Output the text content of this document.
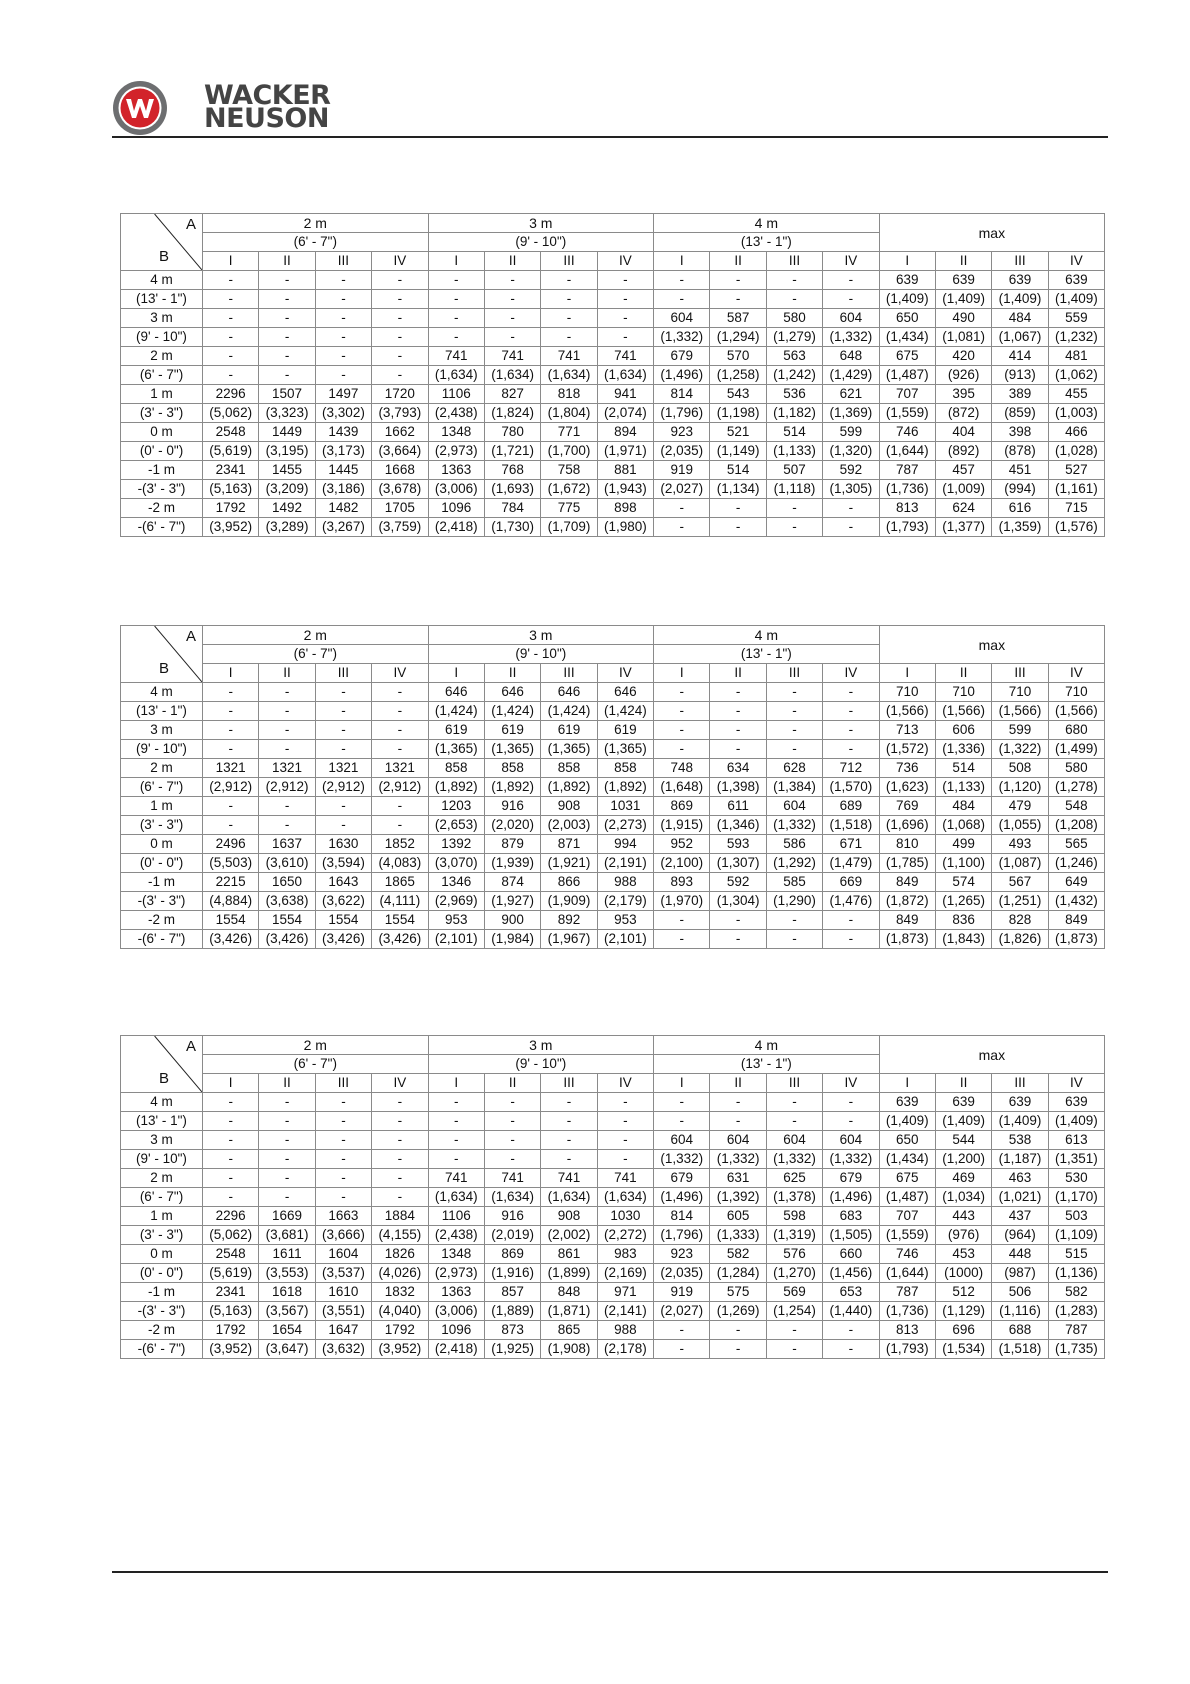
WACKER
NEUSON
A
B	2 m				3 m				4 m				max			
	(6' - 7")				(9' - 10")				(13' - 1")							
	I	II	III	IV	I	II	III	IV	I	II	III	IV	I	II	III	IV
4 m	-	-	-	-	-	-	-	-	-	-	-	-	639	639	639	639
(13' - 1")	-	-	-	-	-	-	-	-	-	-	-	-	(1,409)	(1,409)	(1,409)	(1,409)
3 m	-	-	-	-	-	-	-	-	604	587	580	604	650	490	484	559
(9' - 10")	-	-	-	-	-	-	-	-	(1,332)	(1,294)	(1,279)	(1,332)	(1,434)	(1,081)	(1,067)	(1,232)
2 m	-	-	-	-	741	741	741	741	679	570	563	648	675	420	414	481
(6' - 7")	-	-	-	-	(1,634)	(1,634)	(1,634)	(1,634)	(1,496)	(1,258)	(1,242)	(1,429)	(1,487)	(926)	(913)	(1,062)
1 m	2296	1507	1497	1720	1106	827	818	941	814	543	536	621	707	395	389	455
(3' - 3")	(5,062)	(3,323)	(3,302)	(3,793)	(2,438)	(1,824)	(1,804)	(2,074)	(1,796)	(1,198)	(1,182)	(1,369)	(1,559)	(872)	(859)	(1,003)
0 m	2548	1449	1439	1662	1348	780	771	894	923	521	514	599	746	404	398	466
(0' - 0")	(5,619)	(3,195)	(3,173)	(3,664)	(2,973)	(1,721)	(1,700)	(1,971)	(2,035)	(1,149)	(1,133)	(1,320)	(1,644)	(892)	(878)	(1,028)
-1 m	2341	1455	1445	1668	1363	768	758	881	919	514	507	592	787	457	451	527
-(3' - 3")	(5,163)	(3,209)	(3,186)	(3,678)	(3,006)	(1,693)	(1,672)	(1,943)	(2,027)	(1,134)	(1,118)	(1,305)	(1,736)	(1,009)	(994)	(1,161)
-2 m	1792	1492	1482	1705	1096	784	775	898	-	-	-	-	813	624	616	715
-(6' - 7")	(3,952)	(3,289)	(3,267)	(3,759)	(2,418)	(1,730)	(1,709)	(1,980)	-	-	-	-	(1,793)	(1,377)	(1,359)	(1,576)
A
B	2 m				3 m				4 m				max			
	(6' - 7")				(9' - 10")				(13' - 1")							
	I	II	III	IV	I	II	III	IV	I	II	III	IV	I	II	III	IV
4 m	-	-	-	-	646	646	646	646	-	-	-	-	710	710	710	710
(13' - 1")	-	-	-	-	(1,424)	(1,424)	(1,424)	(1,424)	-	-	-	-	(1,566)	(1,566)	(1,566)	(1,566)
3 m	-	-	-	-	619	619	619	619	-	-	-	-	713	606	599	680
(9' - 10")	-	-	-	-	(1,365)	(1,365)	(1,365)	(1,365)	-	-	-	-	(1,572)	(1,336)	(1,322)	(1,499)
2 m	1321	1321	1321	1321	858	858	858	858	748	634	628	712	736	514	508	580
(6' - 7")	(2,912)	(2,912)	(2,912)	(2,912)	(1,892)	(1,892)	(1,892)	(1,892)	(1,648)	(1,398)	(1,384)	(1,570)	(1,623)	(1,133)	(1,120)	(1,278)
1 m	-	-	-	-	1203	916	908	1031	869	611	604	689	769	484	479	548
(3' - 3")	-	-	-	-	(2,653)	(2,020)	(2,003)	(2,273)	(1,915)	(1,346)	(1,332)	(1,518)	(1,696)	(1,068)	(1,055)	(1,208)
0 m	2496	1637	1630	1852	1392	879	871	994	952	593	586	671	810	499	493	565
(0' - 0")	(5,503)	(3,610)	(3,594)	(4,083)	(3,070)	(1,939)	(1,921)	(2,191)	(2,100)	(1,307)	(1,292)	(1,479)	(1,785)	(1,100)	(1,087)	(1,246)
-1 m	2215	1650	1643	1865	1346	874	866	988	893	592	585	669	849	574	567	649
-(3' - 3")	(4,884)	(3,638)	(3,622)	(4,111)	(2,969)	(1,927)	(1,909)	(2,179)	(1,970)	(1,304)	(1,290)	(1,476)	(1,872)	(1,265)	(1,251)	(1,432)
-2 m	1554	1554	1554	1554	953	900	892	953	-	-	-	-	849	836	828	849
-(6' - 7")	(3,426)	(3,426)	(3,426)	(3,426)	(2,101)	(1,984)	(1,967)	(2,101)	-	-	-	-	(1,873)	(1,843)	(1,826)	(1,873)
A
B	2 m				3 m				4 m				max			
	(6' - 7")				(9' - 10")				(13' - 1")							
	I	II	III	IV	I	II	III	IV	I	II	III	IV	I	II	III	IV
4 m	-	-	-	-	-	-	-	-	-	-	-	-	639	639	639	639
(13' - 1")	-	-	-	-	-	-	-	-	-	-	-	-	(1,409)	(1,409)	(1,409)	(1,409)
3 m	-	-	-	-	-	-	-	-	604	604	604	604	650	544	538	613
(9' - 10")	-	-	-	-	-	-	-	-	(1,332)	(1,332)	(1,332)	(1,332)	(1,434)	(1,200)	(1,187)	(1,351)
2 m	-	-	-	-	741	741	741	741	679	631	625	679	675	469	463	530
(6' - 7")	-	-	-	-	(1,634)	(1,634)	(1,634)	(1,634)	(1,496)	(1,392)	(1,378)	(1,496)	(1,487)	(1,034)	(1,021)	(1,170)
1 m	2296	1669	1663	1884	1106	916	908	1030	814	605	598	683	707	443	437	503
(3' - 3")	(5,062)	(3,681)	(3,666)	(4,155)	(2,438)	(2,019)	(2,002)	(2,272)	(1,796)	(1,333)	(1,319)	(1,505)	(1,559)	(976)	(964)	(1,109)
0 m	2548	1611	1604	1826	1348	869	861	983	923	582	576	660	746	453	448	515
(0' - 0")	(5,619)	(3,553)	(3,537)	(4,026)	(2,973)	(1,916)	(1,899)	(2,169)	(2,035)	(1,284)	(1,270)	(1,456)	(1,644)	(1000)	(987)	(1,136)
-1 m	2341	1618	1610	1832	1363	857	848	971	919	575	569	653	787	512	506	582
-(3' - 3")	(5,163)	(3,567)	(3,551)	(4,040)	(3,006)	(1,889)	(1,871)	(2,141)	(2,027)	(1,269)	(1,254)	(1,440)	(1,736)	(1,129)	(1,116)	(1,283)
-2 m	1792	1654	1647	1792	1096	873	865	988	-	-	-	-	813	696	688	787
-(6' - 7")	(3,952)	(3,647)	(3,632)	(3,952)	(2,418)	(1,925)	(1,908)	(2,178)	-	-	-	-	(1,793)	(1,534)	(1,518)	(1,735)
